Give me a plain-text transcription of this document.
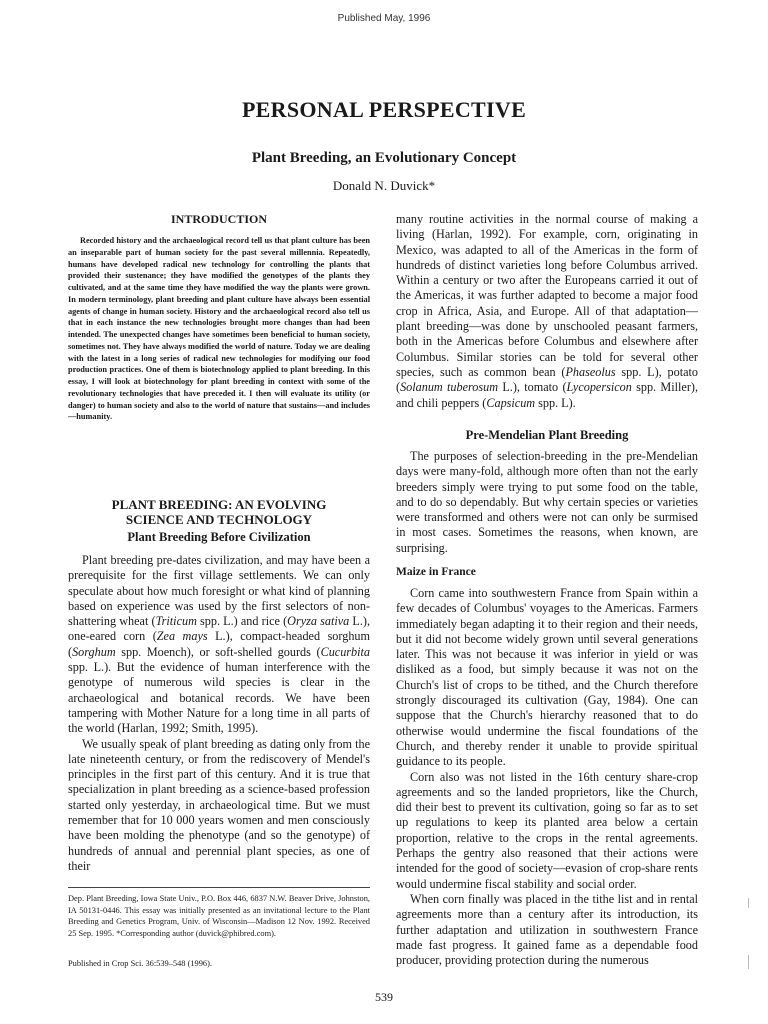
Published May, 1996
PERSONAL PERSPECTIVE
Plant Breeding, an Evolutionary Concept
Donald N. Duvick*
INTRODUCTION

Recorded history and the archaeological record tell us that plant culture has been an inseparable part of human society for the past several millennia. Repeatedly, humans have developed radical new technology for controlling the plants that provided their sustenance; they have modified the genotypes of the plants they cultivated, and at the same time they have modified the way the plants were grown. In modern terminology, plant breeding and plant culture have always been essential agents of change in human society. History and the archaeological record also tell us that in each instance the new technologies brought more changes than had been intended. The unexpected changes have sometimes been beneficial to human society, sometimes not. They have always modified the world of nature. Today we are dealing with the latest in a long series of radical new technologies for modifying our food production practices. One of them is biotechnology applied to plant breeding. In this essay, I will look at biotechnology for plant breeding in context with some of the revolutionary technologies that have preceded it. I then will evaluate its utility (or danger) to human society and also to the world of nature that sustains—and includes—humanity.

PLANT BREEDING: AN EVOLVING
SCIENCE AND TECHNOLOGY
Plant Breeding Before Civilization

Plant breeding pre-dates civilization, and may have been a prerequisite for the first village settlements. We can only speculate about how much foresight or what kind of planning based on experience was used by the first selectors of non-shattering wheat (Triticum spp. L.) and rice (Oryza sativa L.), one-eared corn (Zea mays L.), compact-headed sorghum (Sorghum spp. Moench), or soft-shelled gourds (Cucurbita spp. L.). But the evidence of human interference with the genotype of numerous wild species is clear in the archaeological and botanical records. We have been tampering with Mother Nature for a long time in all parts of the world (Harlan, 1992; Smith, 1995).

We usually speak of plant breeding as dating only from the late nineteenth century, or from the rediscovery of Mendel's principles in the first part of this century. And it is true that specialization in plant breeding as a science-based profession started only yesterday, in archaeological time. But we must remember that for 10 000 years women and men consciously have been molding the phenotype (and so the genotype) of hundreds of annual and perennial plant species, as one of their

Dep. Plant Breeding, Iowa State Univ., P.O. Box 446, 6837 N.W. Beaver Drive, Johnston, IA 50131-0446. This essay was initially presented as an invitational lecture to the Plant Breeding and Genetics Program, Univ. of Wisconsin—Madison 12 Nov. 1992. Received 25 Sep. 1995. *Corresponding author (duvick@phibred.com).
Published in Crop Sci. 36:539–548 (1996).

many routine activities in the normal course of making a living (Harlan, 1992). For example, corn, originating in Mexico, was adapted to all of the Americas in the form of hundreds of distinct varieties long before Columbus arrived. Within a century or two after the Europeans carried it out of the Americas, it was further adapted to become a major food crop in Africa, Asia, and Europe. All of that adaptation—plant breeding—was done by unschooled peasant farmers, both in the Americas before Columbus and elsewhere after Columbus. Similar stories can be told for several other species, such as common bean (Phaseolus spp. L), potato (Solanum tuberosum L.), tomato (Lycopersicon spp. Miller), and chili peppers (Capsicum spp. L).

Pre-Mendelian Plant Breeding

The purposes of selection-breeding in the pre-Mendelian days were many-fold, although more often than not the early breeders simply were trying to put some food on the table, and to do so dependably. But why certain species or varieties were transformed and others were not can only be surmised in most cases. Sometimes the reasons, when known, are surprising.

Maize in France

Corn came into southwestern France from Spain within a few decades of Columbus' voyages to the Americas. Farmers immediately began adapting it to their region and their needs, but it did not become widely grown until several generations later. This was not because it was inferior in yield or was disliked as a food, but simply because it was not on the Church's list of crops to be tithed, and the Church therefore strongly discouraged its cultivation (Gay, 1984). One can suppose that the Church's hierarchy reasoned that to do otherwise would undermine the fiscal foundations of the Church, and thereby render it unable to provide spiritual guidance to its people.

Corn also was not listed in the 16th century share-crop agreements and so the landed proprietors, like the Church, did their best to prevent its cultivation, going so far as to set up regulations to keep its planted area below a certain proportion, relative to the crops in the rental agreements. Perhaps the gentry also reasoned that their actions were intended for the good of society—evasion of crop-share rents would undermine fiscal stability and social order.

When corn finally was placed in the tithe list and in rental agreements more than a century after its introduction, its further adaptation and utilization in southwestern France made fast progress. It gained fame as a dependable food producer, providing protection during the numerous

539
